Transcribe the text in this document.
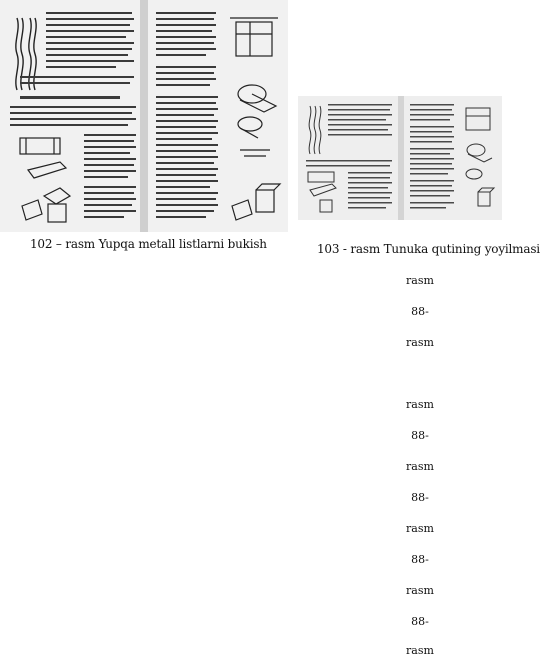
102 – rasm Yupqa metall listlarni bukish	103 - rasm Tunuka qutining yoyilmasi
rasm
88-
rasm
rasm
88-
rasm
88-
rasm
88-
rasm
88-
rasm
